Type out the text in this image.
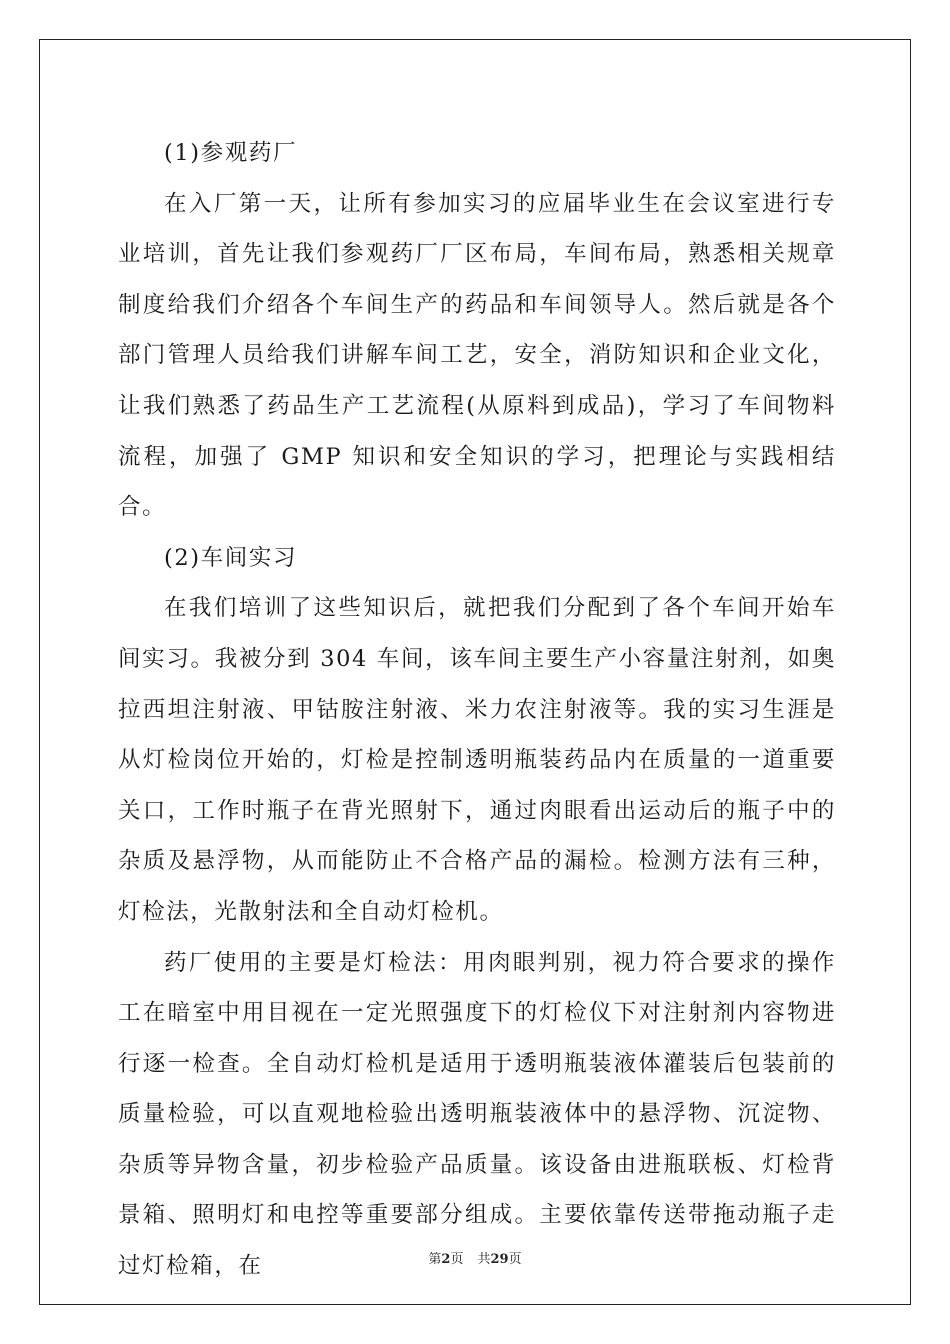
(1)参观药厂

在入厂第一天，让所有参加实习的应届毕业生在会议室进行专业培训，首先让我们参观药厂厂区布局，车间布局，熟悉相关规章制度给我们介绍各个车间生产的药品和车间领导人。然后就是各个部门管理人员给我们讲解车间工艺，安全，消防知识和企业文化，让我们熟悉了药品生产工艺流程(从原料到成品)，学习了车间物料流程，加强了 GMP 知识和安全知识的学习，把理论与实践相结合。

(2)车间实习

在我们培训了这些知识后，就把我们分配到了各个车间开始车间实习。我被分到 304 车间，该车间主要生产小容量注射剂，如奥拉西坦注射液、甲钴胺注射液、米力农注射液等。我的实习生涯是从灯检岗位开始的，灯检是控制透明瓶装药品内在质量的一道重要关口，工作时瓶子在背光照射下，通过肉眼看出运动后的瓶子中的杂质及悬浮物，从而能防止不合格产品的漏检。检测方法有三种，灯检法，光散射法和全自动灯检机。

药厂使用的主要是灯检法：用肉眼判别，视力符合要求的操作工在暗室中用目视在一定光照强度下的灯检仪下对注射剂内容物进行逐一检查。全自动灯检机是适用于透明瓶装液体灌装后包装前的质量检验，可以直观地检验出透明瓶装液体中的悬浮物、沉淀物、杂质等异物含量，初步检验产品质量。该设备由进瓶联板、灯检背景箱、照明灯和电控等重要部分组成。主要依靠传送带拖动瓶子走过灯检箱，在	第2页 共29页
